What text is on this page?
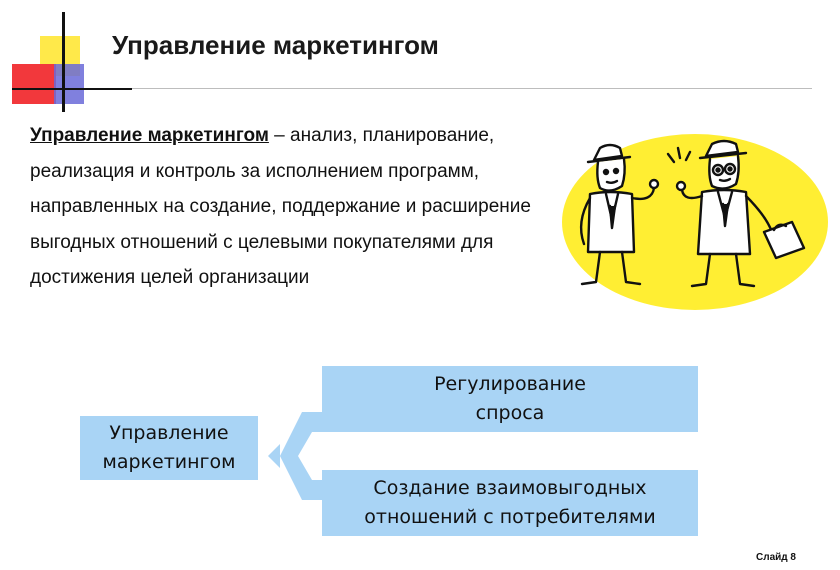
Управление маркетингом
Управление маркетингом – анализ, планирование, реализация и контроль за исполнением программ, направленных на создание, поддержание и расширение выгодных отношений с целевыми покупателями для достижения целей организации
Управление
маркетингом
Регулирование
спроса
Создание взаимовыгодных
отношений с потребителями
Слайд 8
